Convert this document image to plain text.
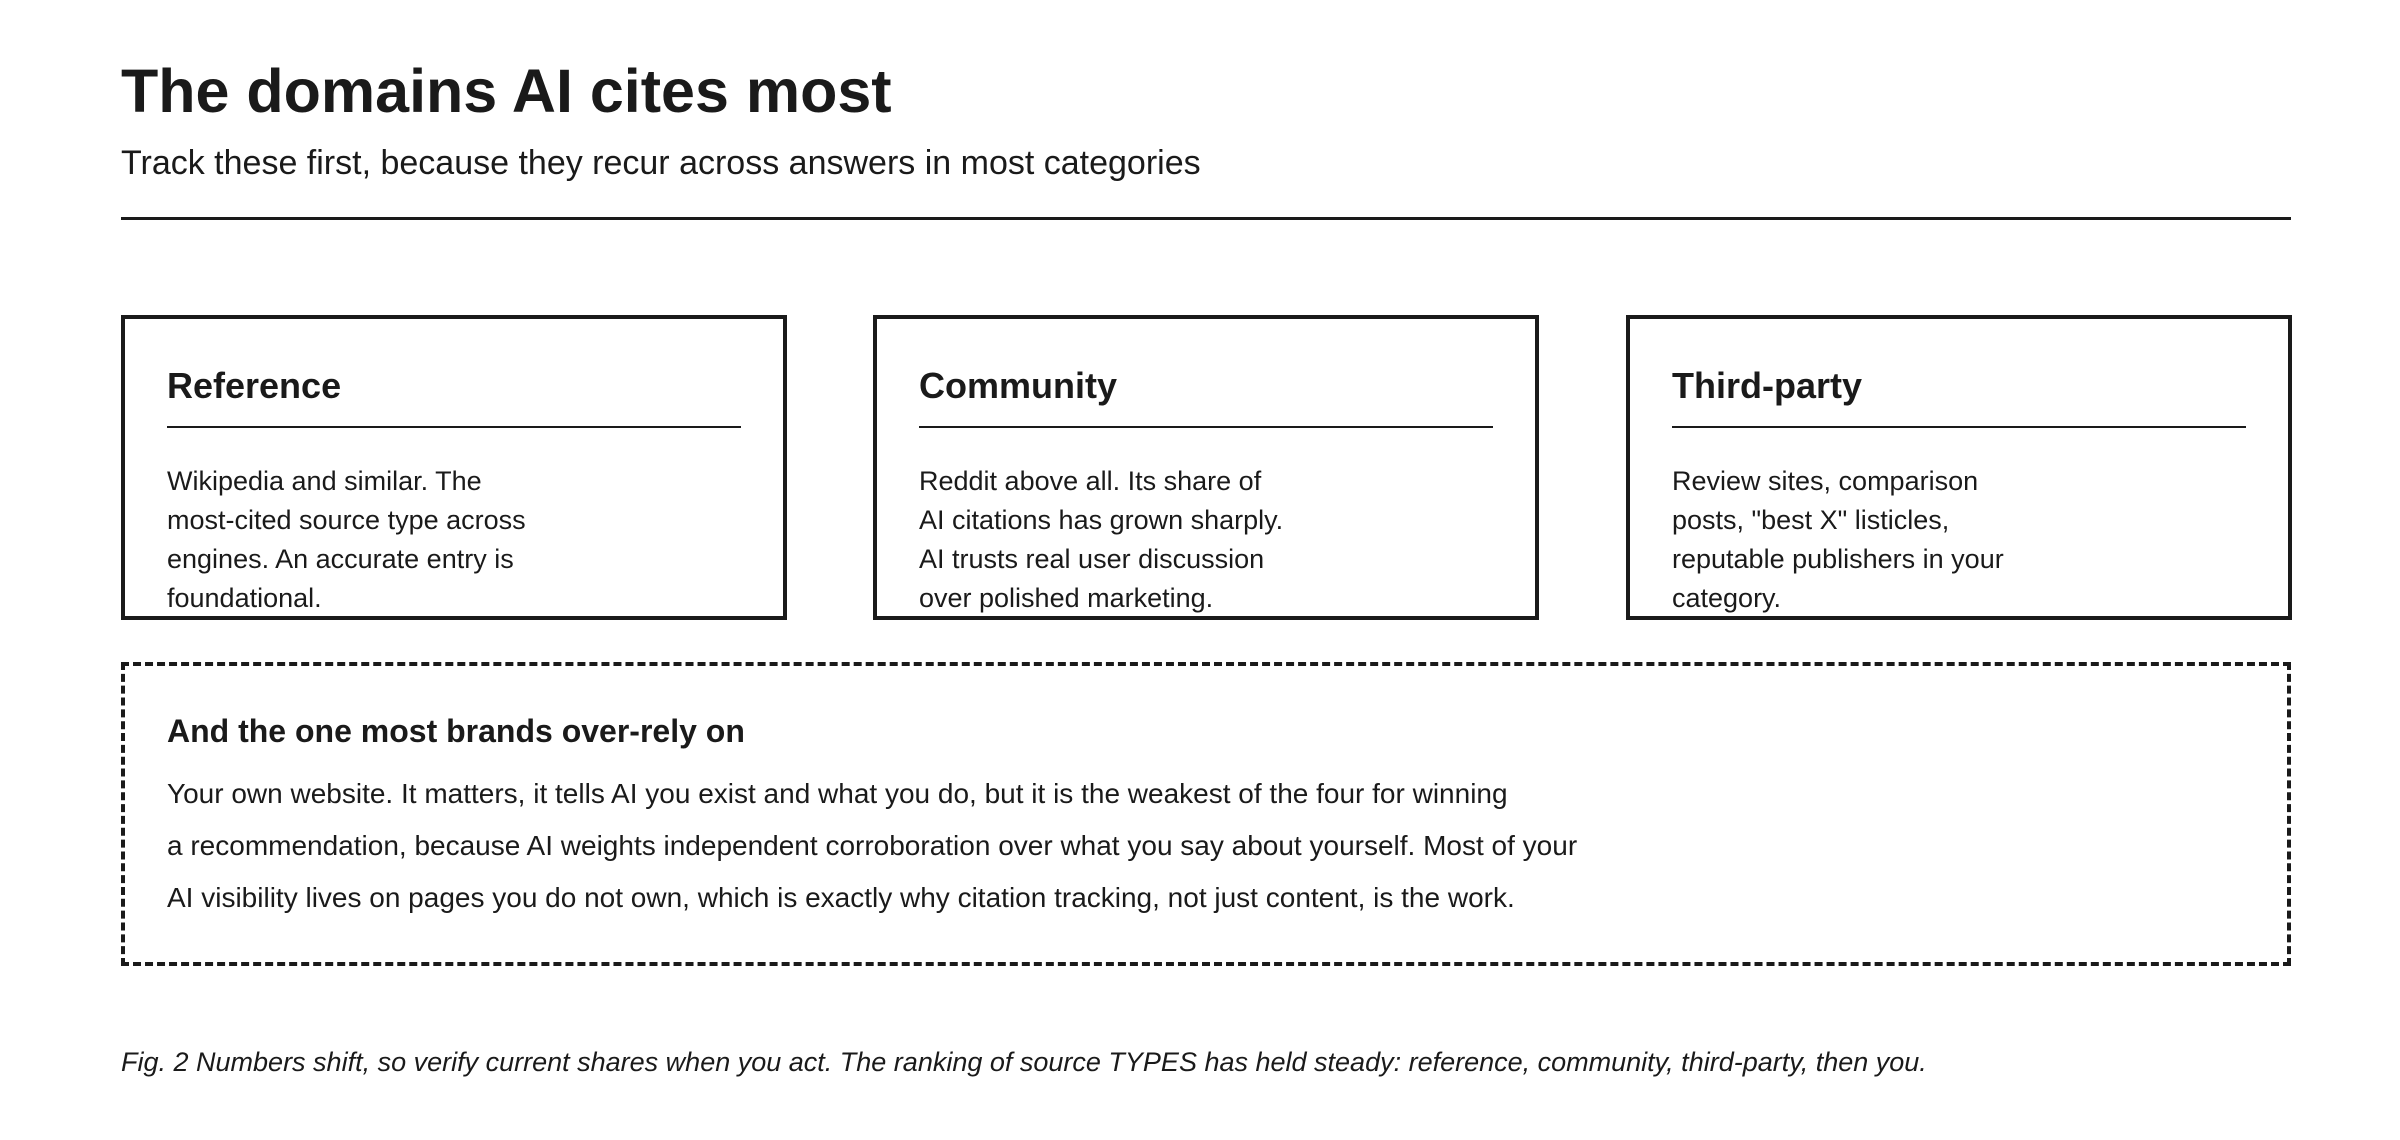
The domains AI cites most

Track these first, because they recur across answers in most categories

Reference

Wikipedia and similar. The
most-cited source type across
engines. An accurate entry is
foundational.

Community

Reddit above all. Its share of
AI citations has grown sharply.
AI trusts real user discussion
over polished marketing.

Third-party

Review sites, comparison
posts, "best X" listicles,
reputable publishers in your
category.

And the one most brands over-rely on

Your own website. It matters, it tells AI you exist and what you do, but it is the weakest of the four for winning
a recommendation, because AI weights independent corroboration over what you say about yourself. Most of your
AI visibility lives on pages you do not own, which is exactly why citation tracking, not just content, is the work.

Fig. 2 Numbers shift, so verify current shares when you act. The ranking of source TYPES has held steady: reference, community, third-party, then you.
